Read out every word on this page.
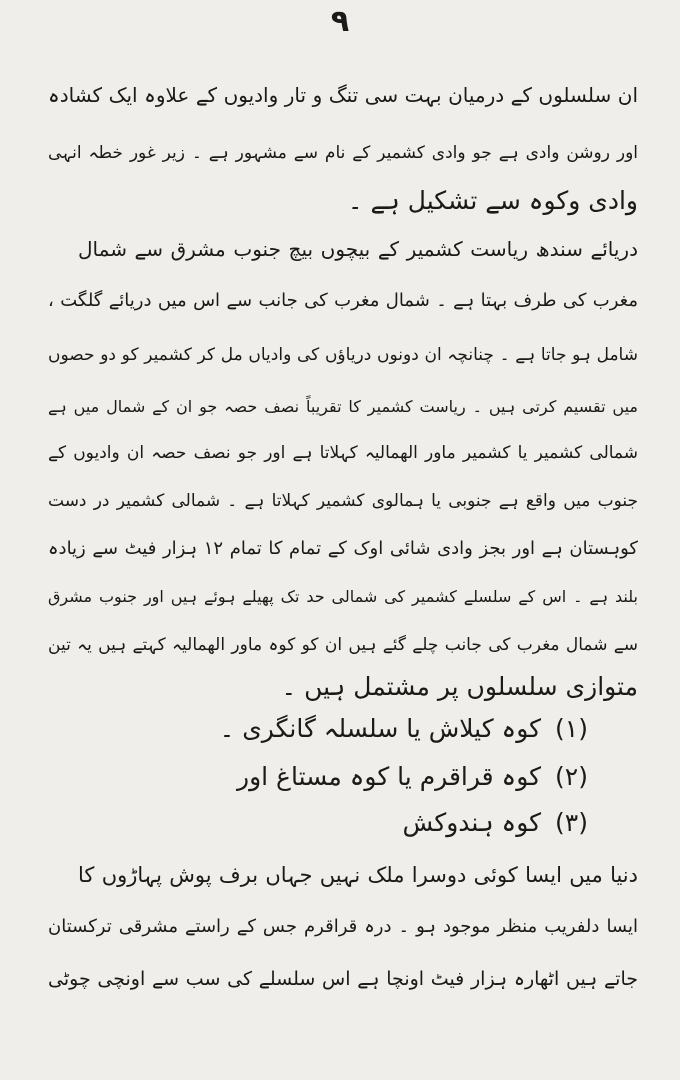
۹
ان سلسلوں کے درمیان بہت سی تنگ و تار وادیوں کے علاوہ ایک کشادہ
اور روشن وادی ہے جو وادی کشمیر کے نام سے مشہور ہے ۔ زیر غور خطہ انہی
وادی وکوہ سے تشکیل ہے ۔
دریائے سندھ ریاست کشمیر کے بیچوں بیچ جنوب مشرق سے شمال
مغرب کی طرف بہتا ہے ۔ شمال مغرب کی جانب سے اس میں دریائے گلگت ،
شامل ہو جاتا ہے ۔ چنانچہ ان دونوں دریاؤں کی وادیاں مل کر کشمیر کو دو حصوں
میں تقسیم کرتی ہیں ۔ ریاست کشمیر کا تقریباً نصف حصہ جو ان کے شمال میں ہے
شمالی کشمیر یا کشمیر ماور الھمالیہ کہلاتا ہے اور جو نصف حصہ ان وادیوں کے
جنوب میں واقع ہے جنوبی یا ہمالوی کشمیر کہلاتا ہے ۔ شمالی کشمیر در دست
کوہستان ہے اور بجز وادی شائی اوک کے تمام کا تمام ۱۲ ہزار فیٹ سے زیادہ
بلند ہے ۔ اس کے سلسلے کشمیر کی شمالی حد تک پھیلے ہوئے ہیں اور جنوب مشرق
سے شمال مغرب کی جانب چلے گئے ہیں ان کو کوہ ماور الھمالیہ کہتے ہیں یہ تین
متوازی سلسلوں پر مشتمل ہیں ۔
(۱)کوہ کیلاش یا سلسلہ گانگری ۔
(۲)کوہ قراقرم یا کوہ مستاغ اور
(۳)کوہ ہندوکش
دنیا میں ایسا کوئی دوسرا ملک نہیں جہاں برف پوش پہاڑوں کا
ایسا دلفریب منظر موجود ہو ۔ درہ قراقرم جس کے راستے مشرقی ترکستان
جاتے ہیں اٹھارہ ہزار فیٹ اونچا ہے اس سلسلے کی سب سے اونچی چوٹی
